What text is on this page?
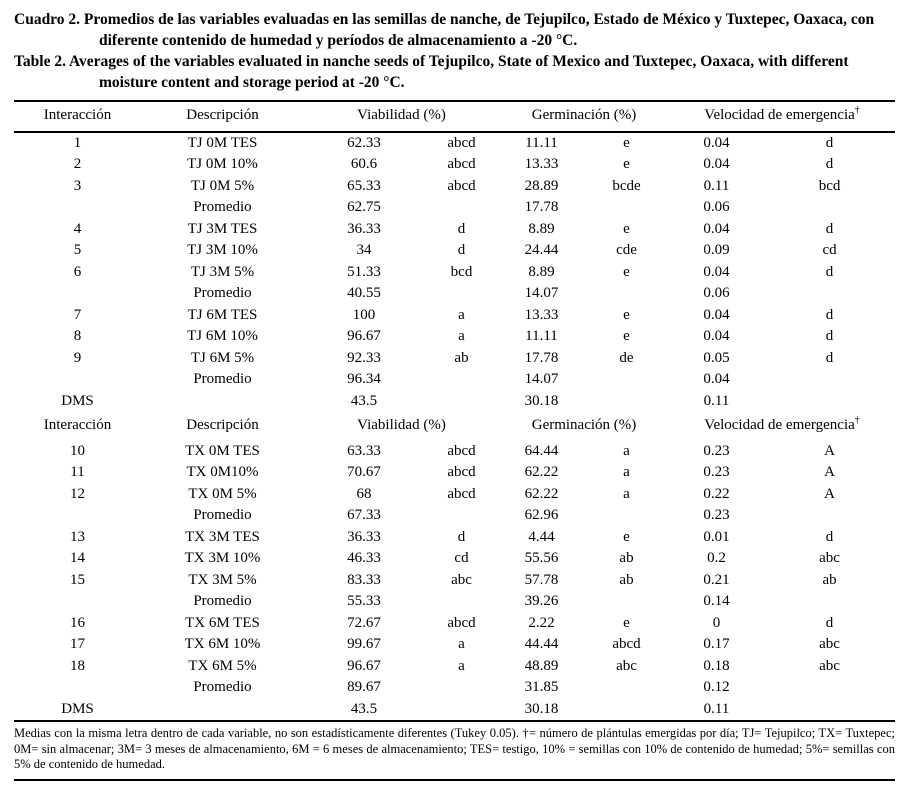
Cuadro 2. Promedios de las variables evaluadas en las semillas de nanche, de Tejupilco, Estado de México y Tuxtepec, Oaxaca, con diferente contenido de humedad y períodos de almacenamiento a -20 °C.

Table 2. Averages of the variables evaluated in nanche seeds of Tejupilco, State of Mexico and Tuxtepec, Oaxaca, with different moisture content and storage period at -20 °C.

Interacción	Descripción	Viabilidad (%)		Germinación (%)		Velocidad de emergencia†
1	TJ 0M TES	62.33	abcd	11.11	e	0.04	d
2	TJ 0M 10%	60.6	abcd	13.33	e	0.04	d
3	TJ 0M 5%	65.33	abcd	28.89	bcde	0.11	bcd
	Promedio	62.75		17.78		0.06	
4	TJ 3M TES	36.33	d	8.89	e	0.04	d
5	TJ 3M 10%	34	d	24.44	cde	0.09	cd
6	TJ 3M 5%	51.33	bcd	8.89	e	0.04	d
	Promedio	40.55		14.07		0.06	
7	TJ 6M TES	100	a	13.33	e	0.04	d
8	TJ 6M 10%	96.67	a	11.11	e	0.04	d
9	TJ 6M 5%	92.33	ab	17.78	de	0.05	d
	Promedio	96.34		14.07		0.04	
DMS		43.5		30.18		0.11	
Interacción	Descripción	Viabilidad (%)		Germinación (%)		Velocidad de emergencia†
10	TX 0M TES	63.33	abcd	64.44	a	0.23	A
11	TX 0M10%	70.67	abcd	62.22	a	0.23	A
12	TX 0M 5%	68	abcd	62.22	a	0.22	A
	Promedio	67.33		62.96		0.23	
13	TX 3M TES	36.33	d	4.44	e	0.01	d
14	TX 3M 10%	46.33	cd	55.56	ab	0.2	abc
15	TX 3M 5%	83.33	abc	57.78	ab	0.21	ab
	Promedio	55.33		39.26		0.14	
16	TX 6M TES	72.67	abcd	2.22	e	0	d
17	TX 6M 10%	99.67	a	44.44	abcd	0.17	abc
18	TX 6M 5%	96.67	a	48.89	abc	0.18	abc
	Promedio	89.67		31.85		0.12	
DMS		43.5		30.18		0.11	

Medias con la misma letra dentro de cada variable, no son estadísticamente diferentes (Tukey 0.05). †= número de plántulas emergidas por día; TJ= Tejupilco; TX= Tuxtepec; 0M= sin almacenar; 3M= 3 meses de almacenamiento, 6M = 6 meses de almacenamiento; TES= testigo, 10% = semillas con 10% de contenido de humedad; 5%= semillas con 5% de contenido de humedad.
